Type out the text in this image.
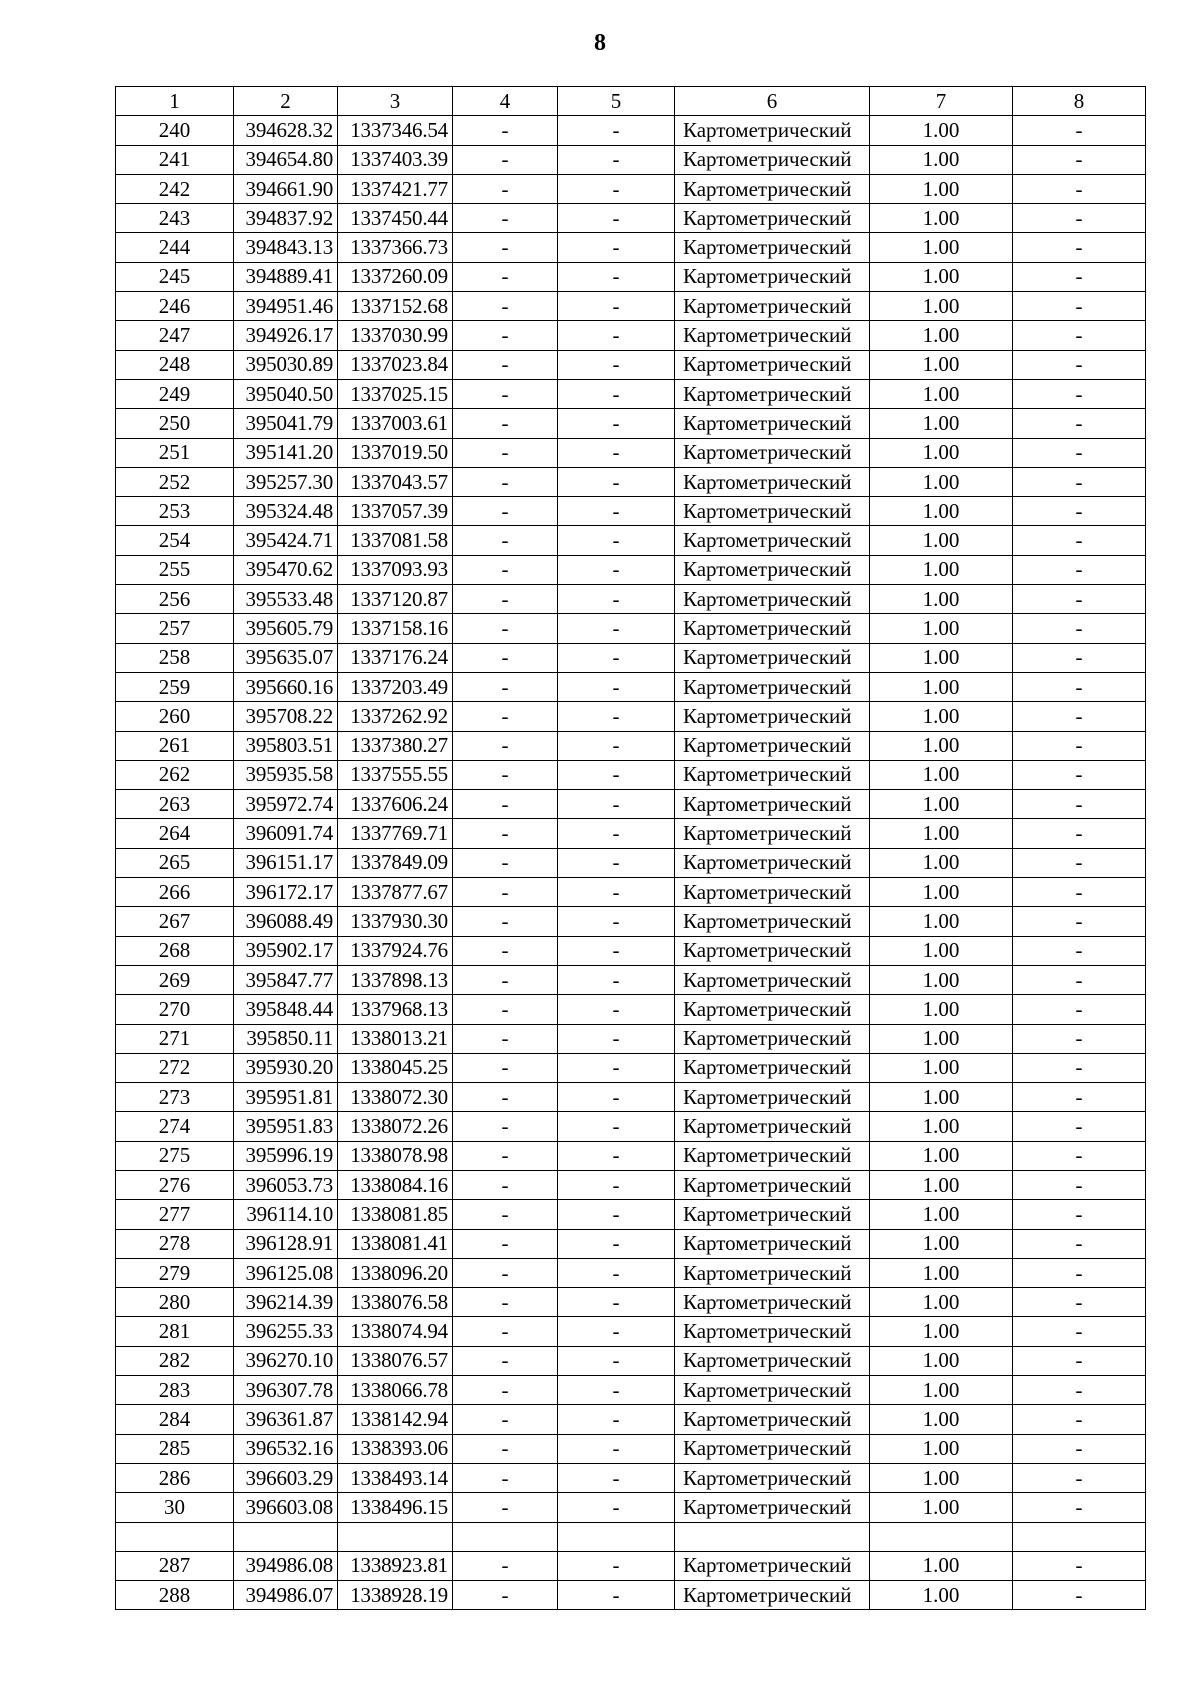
8
1	2	3	4	5	6	7	8
240	394628.32	1337346.54	-	-	Картометрический	1.00	-
241	394654.80	1337403.39	-	-	Картометрический	1.00	-
242	394661.90	1337421.77	-	-	Картометрический	1.00	-
243	394837.92	1337450.44	-	-	Картометрический	1.00	-
244	394843.13	1337366.73	-	-	Картометрический	1.00	-
245	394889.41	1337260.09	-	-	Картометрический	1.00	-
246	394951.46	1337152.68	-	-	Картометрический	1.00	-
247	394926.17	1337030.99	-	-	Картометрический	1.00	-
248	395030.89	1337023.84	-	-	Картометрический	1.00	-
249	395040.50	1337025.15	-	-	Картометрический	1.00	-
250	395041.79	1337003.61	-	-	Картометрический	1.00	-
251	395141.20	1337019.50	-	-	Картометрический	1.00	-
252	395257.30	1337043.57	-	-	Картометрический	1.00	-
253	395324.48	1337057.39	-	-	Картометрический	1.00	-
254	395424.71	1337081.58	-	-	Картометрический	1.00	-
255	395470.62	1337093.93	-	-	Картометрический	1.00	-
256	395533.48	1337120.87	-	-	Картометрический	1.00	-
257	395605.79	1337158.16	-	-	Картометрический	1.00	-
258	395635.07	1337176.24	-	-	Картометрический	1.00	-
259	395660.16	1337203.49	-	-	Картометрический	1.00	-
260	395708.22	1337262.92	-	-	Картометрический	1.00	-
261	395803.51	1337380.27	-	-	Картометрический	1.00	-
262	395935.58	1337555.55	-	-	Картометрический	1.00	-
263	395972.74	1337606.24	-	-	Картометрический	1.00	-
264	396091.74	1337769.71	-	-	Картометрический	1.00	-
265	396151.17	1337849.09	-	-	Картометрический	1.00	-
266	396172.17	1337877.67	-	-	Картометрический	1.00	-
267	396088.49	1337930.30	-	-	Картометрический	1.00	-
268	395902.17	1337924.76	-	-	Картометрический	1.00	-
269	395847.77	1337898.13	-	-	Картометрический	1.00	-
270	395848.44	1337968.13	-	-	Картометрический	1.00	-
271	395850.11	1338013.21	-	-	Картометрический	1.00	-
272	395930.20	1338045.25	-	-	Картометрический	1.00	-
273	395951.81	1338072.30	-	-	Картометрический	1.00	-
274	395951.83	1338072.26	-	-	Картометрический	1.00	-
275	395996.19	1338078.98	-	-	Картометрический	1.00	-
276	396053.73	1338084.16	-	-	Картометрический	1.00	-
277	396114.10	1338081.85	-	-	Картометрический	1.00	-
278	396128.91	1338081.41	-	-	Картометрический	1.00	-
279	396125.08	1338096.20	-	-	Картометрический	1.00	-
280	396214.39	1338076.58	-	-	Картометрический	1.00	-
281	396255.33	1338074.94	-	-	Картометрический	1.00	-
282	396270.10	1338076.57	-	-	Картометрический	1.00	-
283	396307.78	1338066.78	-	-	Картометрический	1.00	-
284	396361.87	1338142.94	-	-	Картометрический	1.00	-
285	396532.16	1338393.06	-	-	Картометрический	1.00	-
286	396603.29	1338493.14	-	-	Картометрический	1.00	-
30	396603.08	1338496.15	-	-	Картометрический	1.00	-

287	394986.08	1338923.81	-	-	Картометрический	1.00	-
288	394986.07	1338928.19	-	-	Картометрический	1.00	-
